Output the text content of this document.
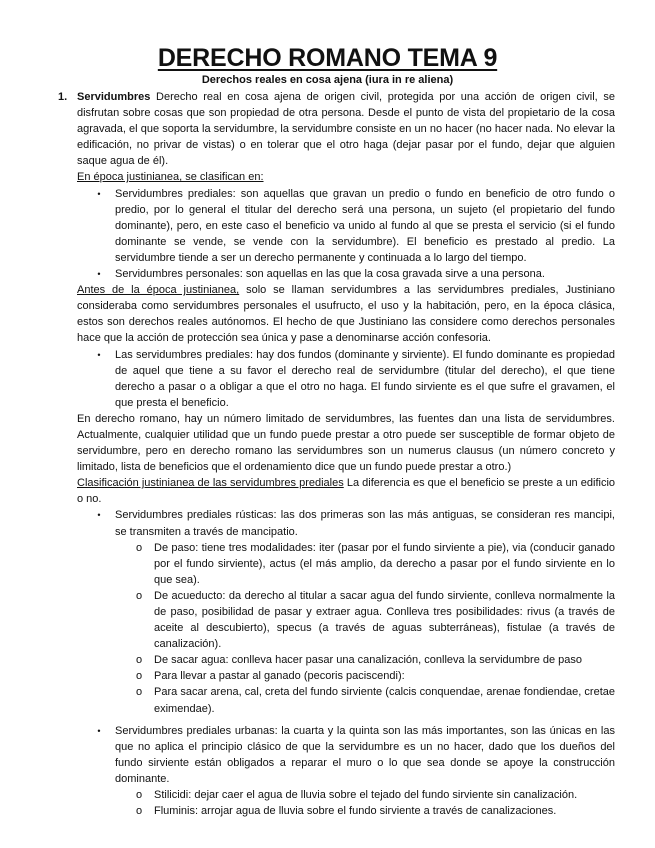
DERECHO ROMANO TEMA 9
Derechos reales en cosa ajena (iura in re aliena)
1. Servidumbres Derecho real en cosa ajena de origen civil, protegida por una acción de origen civil, se disfrutan sobre cosas que son propiedad de otra persona. Desde el punto de vista del propietario de la cosa agravada, el que soporta la servidumbre, la servidumbre consiste en un no hacer (no hacer nada. No elevar la edificación, no privar de vistas) o en tolerar que el otro haga (dejar pasar por el fundo, dejar que alguien saque agua de él).
En época justinianea, se clasifican en:
•	Servidumbres prediales: son aquellas que gravan un predio o fundo en beneficio de otro fundo o predio, por lo general el titular del derecho será una persona, un sujeto (el propietario del fundo dominante), pero, en este caso el beneficio va unido al fundo al que se presta el servicio (si el fundo dominante se vende, se vende con la servidumbre). El beneficio es prestado al predio. La servidumbre tiende a ser un derecho permanente y continuada a lo largo del tiempo.
•	Servidumbres personales: son aquellas en las que la cosa gravada sirve a una persona.
Antes de la época justinianea, solo se llaman servidumbres a las servidumbres prediales, Justiniano consideraba como servidumbres personales el usufructo, el uso y la habitación, pero, en la época clásica, estos son derechos reales autónomos. El hecho de que Justiniano las considere como derechos personales hace que la acción de protección sea única y pase a denominarse acción confesoria.
•	Las servidumbres prediales: hay dos fundos (dominante y sirviente). El fundo dominante es propiedad de aquel que tiene a su favor el derecho real de servidumbre (titular del derecho), el que tiene derecho a pasar o a obligar a que el otro no haga. El fundo sirviente es el que sufre el gravamen, el que presta el beneficio.
En derecho romano, hay un número limitado de servidumbres, las fuentes dan una lista de servidumbres. Actualmente, cualquier utilidad que un fundo puede prestar a otro puede ser susceptible de formar objeto de servidumbre, pero en derecho romano las servidumbres son un numerus clausus (un número concreto y limitado, lista de beneficios que el ordenamiento dice que un fundo puede prestar a otro.)
Clasificación justinianea de las servidumbres prediales La diferencia es que el beneficio se preste a un edificio o no.
•	Servidumbres prediales rústicas: las dos primeras son las más antiguas, se consideran res mancipi, se transmiten a través de mancipatio.
o De paso: tiene tres modalidades: iter (pasar por el fundo sirviente a pie), via (conducir ganado por el fundo sirviente), actus (el más amplio, da derecho a pasar por el fundo sirviente en lo que sea).
o De acueducto: da derecho al titular a sacar agua del fundo sirviente, conlleva normalmente la de paso, posibilidad de pasar y extraer agua. Conlleva tres posibilidades: rivus (a través de aceite al descubierto), specus (a través de aguas subterráneas), fistulae (a través de canalización).
o De sacar agua: conlleva hacer pasar una canalización, conlleva la servidumbre de paso
o Para llevar a pastar al ganado (pecoris paciscendi):
o Para sacar arena, cal, creta del fundo sirviente (calcis conquendae, arenae fondiendae, cretae eximendae).
•	Servidumbres prediales urbanas: la cuarta y la quinta son las más importantes, son las únicas en las que no aplica el principio clásico de que la servidumbre es un no hacer, dado que los dueños del fundo sirviente están obligados a reparar el muro o lo que sea donde se apoye la construcción dominante.
o Stilicidi: dejar caer el agua de lluvia sobre el tejado del fundo sirviente sin canalización.
o Fluminis: arrojar agua de lluvia sobre el fundo sirviente a través de canalizaciones.
